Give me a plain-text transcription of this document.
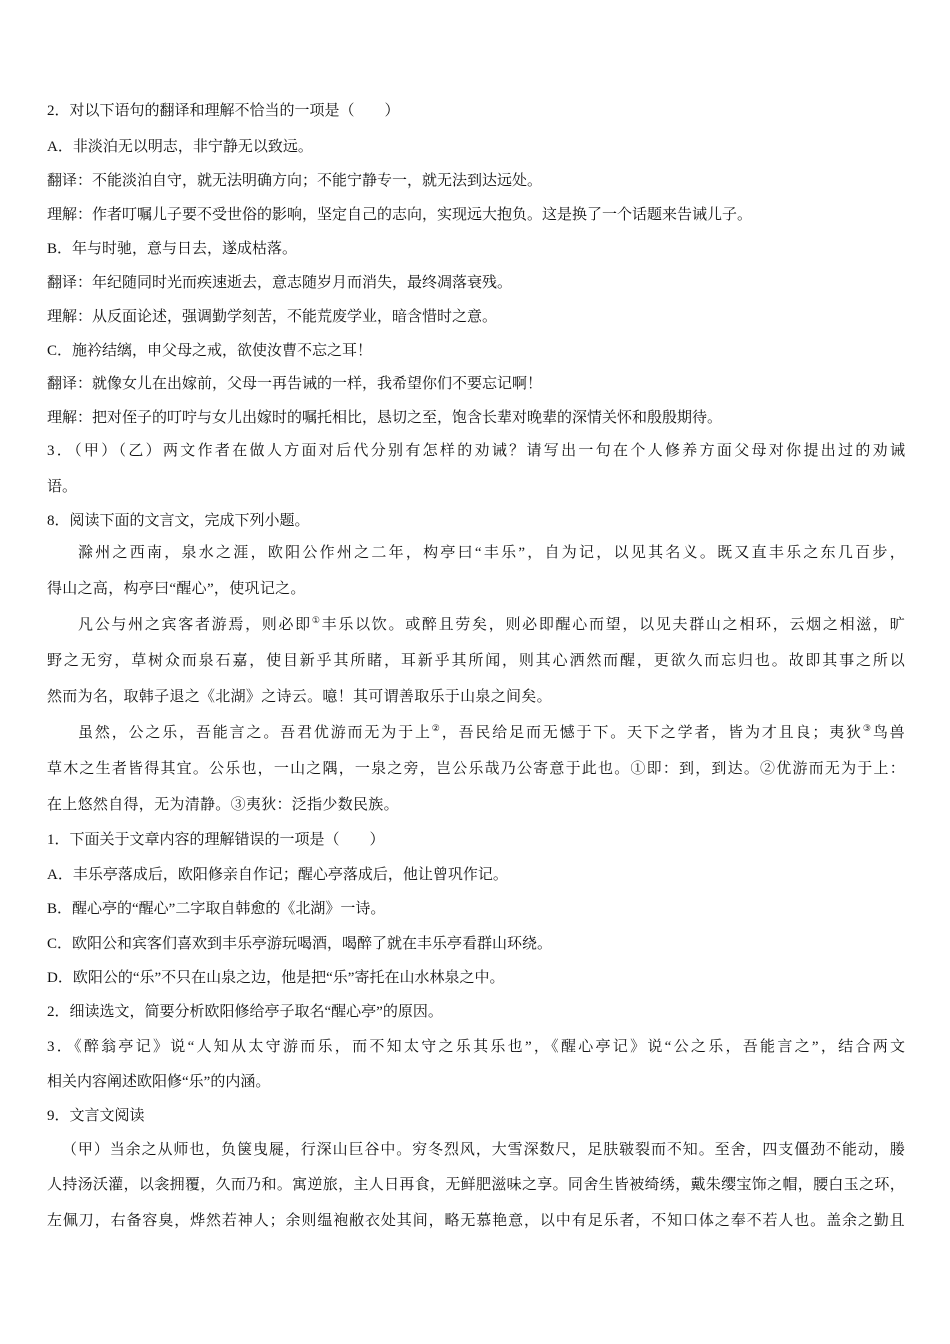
2．对以下语句的翻译和理解不恰当的一项是（　　）
A．非淡泊无以明志，非宁静无以致远。
翻译：不能淡泊自守，就无法明确方向；不能宁静专一，就无法到达远处。
理解：作者叮嘱儿子要不受世俗的影响，坚定自己的志向，实现远大抱负。这是换了一个话题来告诫儿子。
B．年与时驰，意与日去，遂成枯落。
翻译：年纪随同时光而疾速逝去，意志随岁月而消失，最终凋落衰残。
理解：从反面论述，强调勤学刻苦，不能荒废学业，暗含惜时之意。
C．施衿结缡，申父母之戒，欲使汝曹不忘之耳！
翻译：就像女儿在出嫁前，父母一再告诫的一样，我希望你们不要忘记啊！
理解：把对侄子的叮咛与女儿出嫁时的嘱托相比，恳切之至，饱含长辈对晚辈的深情关怀和殷殷期待。
3．（甲）（乙）两文作者在做人方面对后代分别有怎样的劝诫？请写出一句在个人修养方面父母对你提出过的劝诫
语。
8．阅读下面的文言文，完成下列小题。
滁州之西南，泉水之涯，欧阳公作州之二年，构亭曰“丰乐”，自为记，以见其名义。既又直丰乐之东几百步，
得山之高，构亭曰“醒心”，使巩记之。
凡公与州之宾客者游焉，则必即①丰乐以饮。或醉且劳矣，则必即醒心而望，以见夫群山之相环，云烟之相滋，旷
野之无穷，草树众而泉石嘉，使目新乎其所睹，耳新乎其所闻，则其心洒然而醒，更欲久而忘归也。故即其事之所以
然而为名，取韩子退之《北湖》之诗云。噫！其可谓善取乐于山泉之间矣。
虽然，公之乐，吾能言之。吾君优游而无为于上②，吾民给足而无憾于下。天下之学者，皆为才且良；夷狄③鸟兽
草木之生者皆得其宜。公乐也，一山之隅，一泉之旁，岂公乐哉乃公寄意于此也。①即：到，到达。②优游而无为于上：
在上悠然自得，无为清静。③夷狄：泛指少数民族。
1．下面关于文章内容的理解错误的一项是（　　）
A．丰乐亭落成后，欧阳修亲自作记；醒心亭落成后，他让曾巩作记。
B．醒心亭的“醒心”二字取自韩愈的《北湖》一诗。
C．欧阳公和宾客们喜欢到丰乐亭游玩喝酒，喝醉了就在丰乐亭看群山环绕。
D．欧阳公的“乐”不只在山泉之边，他是把“乐”寄托在山水林泉之中。
2．细读选文，简要分析欧阳修给亭子取名“醒心亭”的原因。
3．《醉翁亭记》说“人知从太守游而乐，而不知太守之乐其乐也”，《醒心亭记》说“公之乐，吾能言之”，结合两文
相关内容阐述欧阳修“乐”的内涵。
9．文言文阅读
（甲）当余之从师也，负箧曳屣，行深山巨谷中。穷冬烈风，大雪深数尺，足肤皲裂而不知。至舍，四支僵劲不能动，媵
人持汤沃灌，以衾拥覆，久而乃和。寓逆旅，主人日再食，无鲜肥滋味之享。同舍生皆被绮绣，戴朱缨宝饰之帽，腰白玉之环，
左佩刀，右备容臭，烨然若神人；余则缊袍敝衣处其间，略无慕艳意，以中有足乐者，不知口体之奉不若人也。盖余之勤且
